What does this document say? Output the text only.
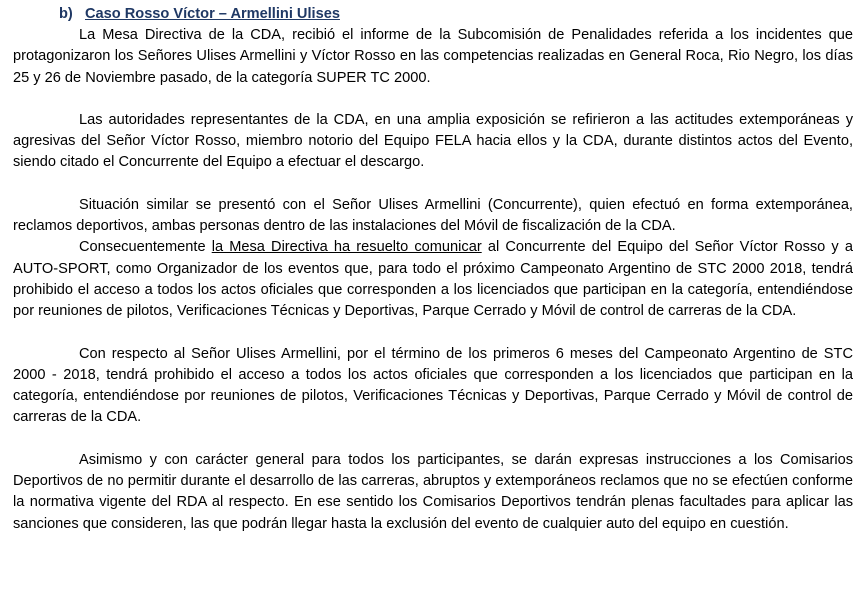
b) Caso Rosso Víctor – Armellini Ulises

La Mesa Directiva de la CDA, recibió el informe de la Subcomisión de Penalidades referida a los incidentes que protagonizaron los Señores Ulises Armellini y Víctor Rosso en las competencias realizadas en General Roca, Rio Negro, los días 25 y 26 de Noviembre pasado, de la categoría SUPER TC 2000.

Las autoridades representantes de la CDA, en una amplia exposición se refirieron a las actitudes extemporáneas y agresivas del Señor Víctor Rosso, miembro notorio del Equipo FELA hacia ellos y la CDA, durante distintos actos del Evento, siendo citado el Concurrente del Equipo a efectuar el descargo.

Situación similar se presentó con el Señor Ulises Armellini (Concurrente), quien efectuó en forma extemporánea, reclamos deportivos, ambas personas dentro de las instalaciones del Móvil de fiscalización de la CDA.

Consecuentemente la Mesa Directiva ha resuelto comunicar al Concurrente del Equipo del Señor Víctor Rosso y a AUTO-SPORT, como Organizador de los eventos que, para todo el próximo Campeonato Argentino de STC 2000 2018, tendrá prohibido el acceso a todos los actos oficiales que corresponden a los licenciados que participan en la categoría, entendiéndose por reuniones de pilotos, Verificaciones Técnicas y Deportivas, Parque Cerrado y Móvil de control de carreras de la CDA.

Con respecto al Señor Ulises Armellini, por el término de los primeros 6 meses del Campeonato Argentino de STC 2000 - 2018, tendrá prohibido el acceso a todos los actos oficiales que corresponden a los licenciados que participan en la categoría, entendiéndose por reuniones de pilotos, Verificaciones Técnicas y Deportivas, Parque Cerrado y Móvil de control de carreras de la CDA.

Asimismo y con carácter general para todos los participantes, se darán expresas instrucciones a los Comisarios Deportivos de no permitir durante el desarrollo de las carreras, abruptos y extemporáneos reclamos que no se efectúen conforme la normativa vigente del RDA al respecto. En ese sentido los Comisarios Deportivos tendrán plenas facultades para aplicar las sanciones que consideren, las que podrán llegar hasta la exclusión del evento de cualquier auto del equipo en cuestión.
